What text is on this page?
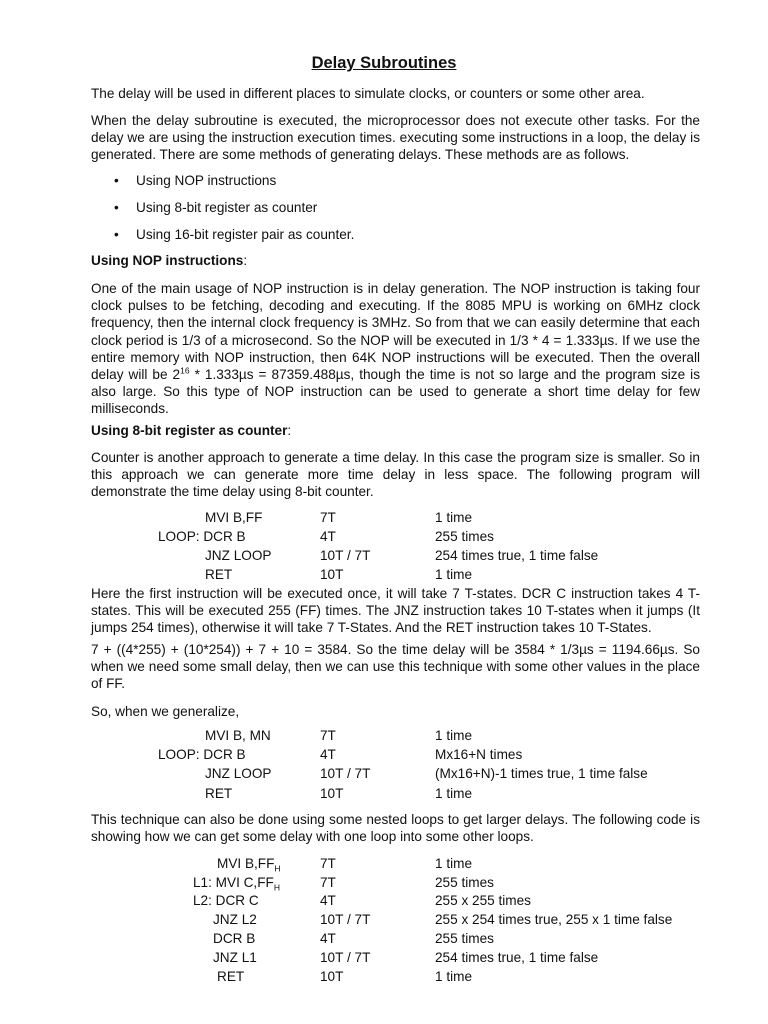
Delay Subroutines

The delay will be used in different places to simulate clocks, or counters or some other area.

When the delay subroutine is executed, the microprocessor does not execute other tasks. For the delay we are using the instruction execution times. executing some instructions in a loop, the delay is generated. There are some methods of generating delays. These methods are as follows.

• Using NOP instructions
• Using 8-bit register as counter
• Using 16-bit register pair as counter.
Using NOP instructions:

One of the main usage of NOP instruction is in delay generation. The NOP instruction is taking four clock pulses to be fetching, decoding and executing. If the 8085 MPU is working on 6MHz clock frequency, then the internal clock frequency is 3MHz. So from that we can easily determine that each clock period is 1/3 of a microsecond. So the NOP will be executed in 1/3 * 4 = 1.333µs. If we use the entire memory with NOP instruction, then 64K NOP instructions will be executed. Then the overall delay will be $2^{16} * 1.333\mu s = 87359.488\mu s$, though the time is not so large and the program size is also large. So this type of NOP instruction can be used to generate a short time delay for few milliseconds.

Using 8-bit register as counter:

Counter is another approach to generate a time delay. In this case the program size is smaller. So in this approach we can generate more time delay in less space. The following program will demonstrate the time delay using 8-bit counter.

MVI B,FF	7T	1 time
LOOP: DCR B	4T	255 times
JNZ LOOP	10T / 7T	254 times true, 1 time false
RET	10T	1 time

Here the first instruction will be executed once, it will take 7 T-states. DCR C instruction takes 4 T-states. This will be executed 255 (FF) times. The JNZ instruction takes 10 T-states when it jumps (It jumps 254 times), otherwise it will take 7 T-States. And the RET instruction takes 10 T-States.

7 + ((4*255) + (10*254)) + 7 + 10 = 3584. So the time delay will be 3584 * 1/3µs = 1194.66µs. So when we need some small delay, then we can use this technique with some other values in the place of FF.

So, when we generalize,

MVI B, MN	7T	1 time
LOOP: DCR B	4T	Mx16+N times
JNZ LOOP	10T / 7T	(Mx16+N)-1 times true, 1 time false
RET	10T	1 time

This technique can also be done using some nested loops to get larger delays. The following code is showing how we can get some delay with one loop into some other loops.

MVI $B,FF_H$	7T	1 time
L1: MVI $C,FF_H$	7T	255 times
L2: DCR C	4T	255 x 255 times
JNZ L2	10T / 7T	255 x 254 times true, 255 x 1 time false
DCR B	4T	255 times
JNZ L1	10T / 7T	254 times true, 1 time false
RET	10T	1 time
